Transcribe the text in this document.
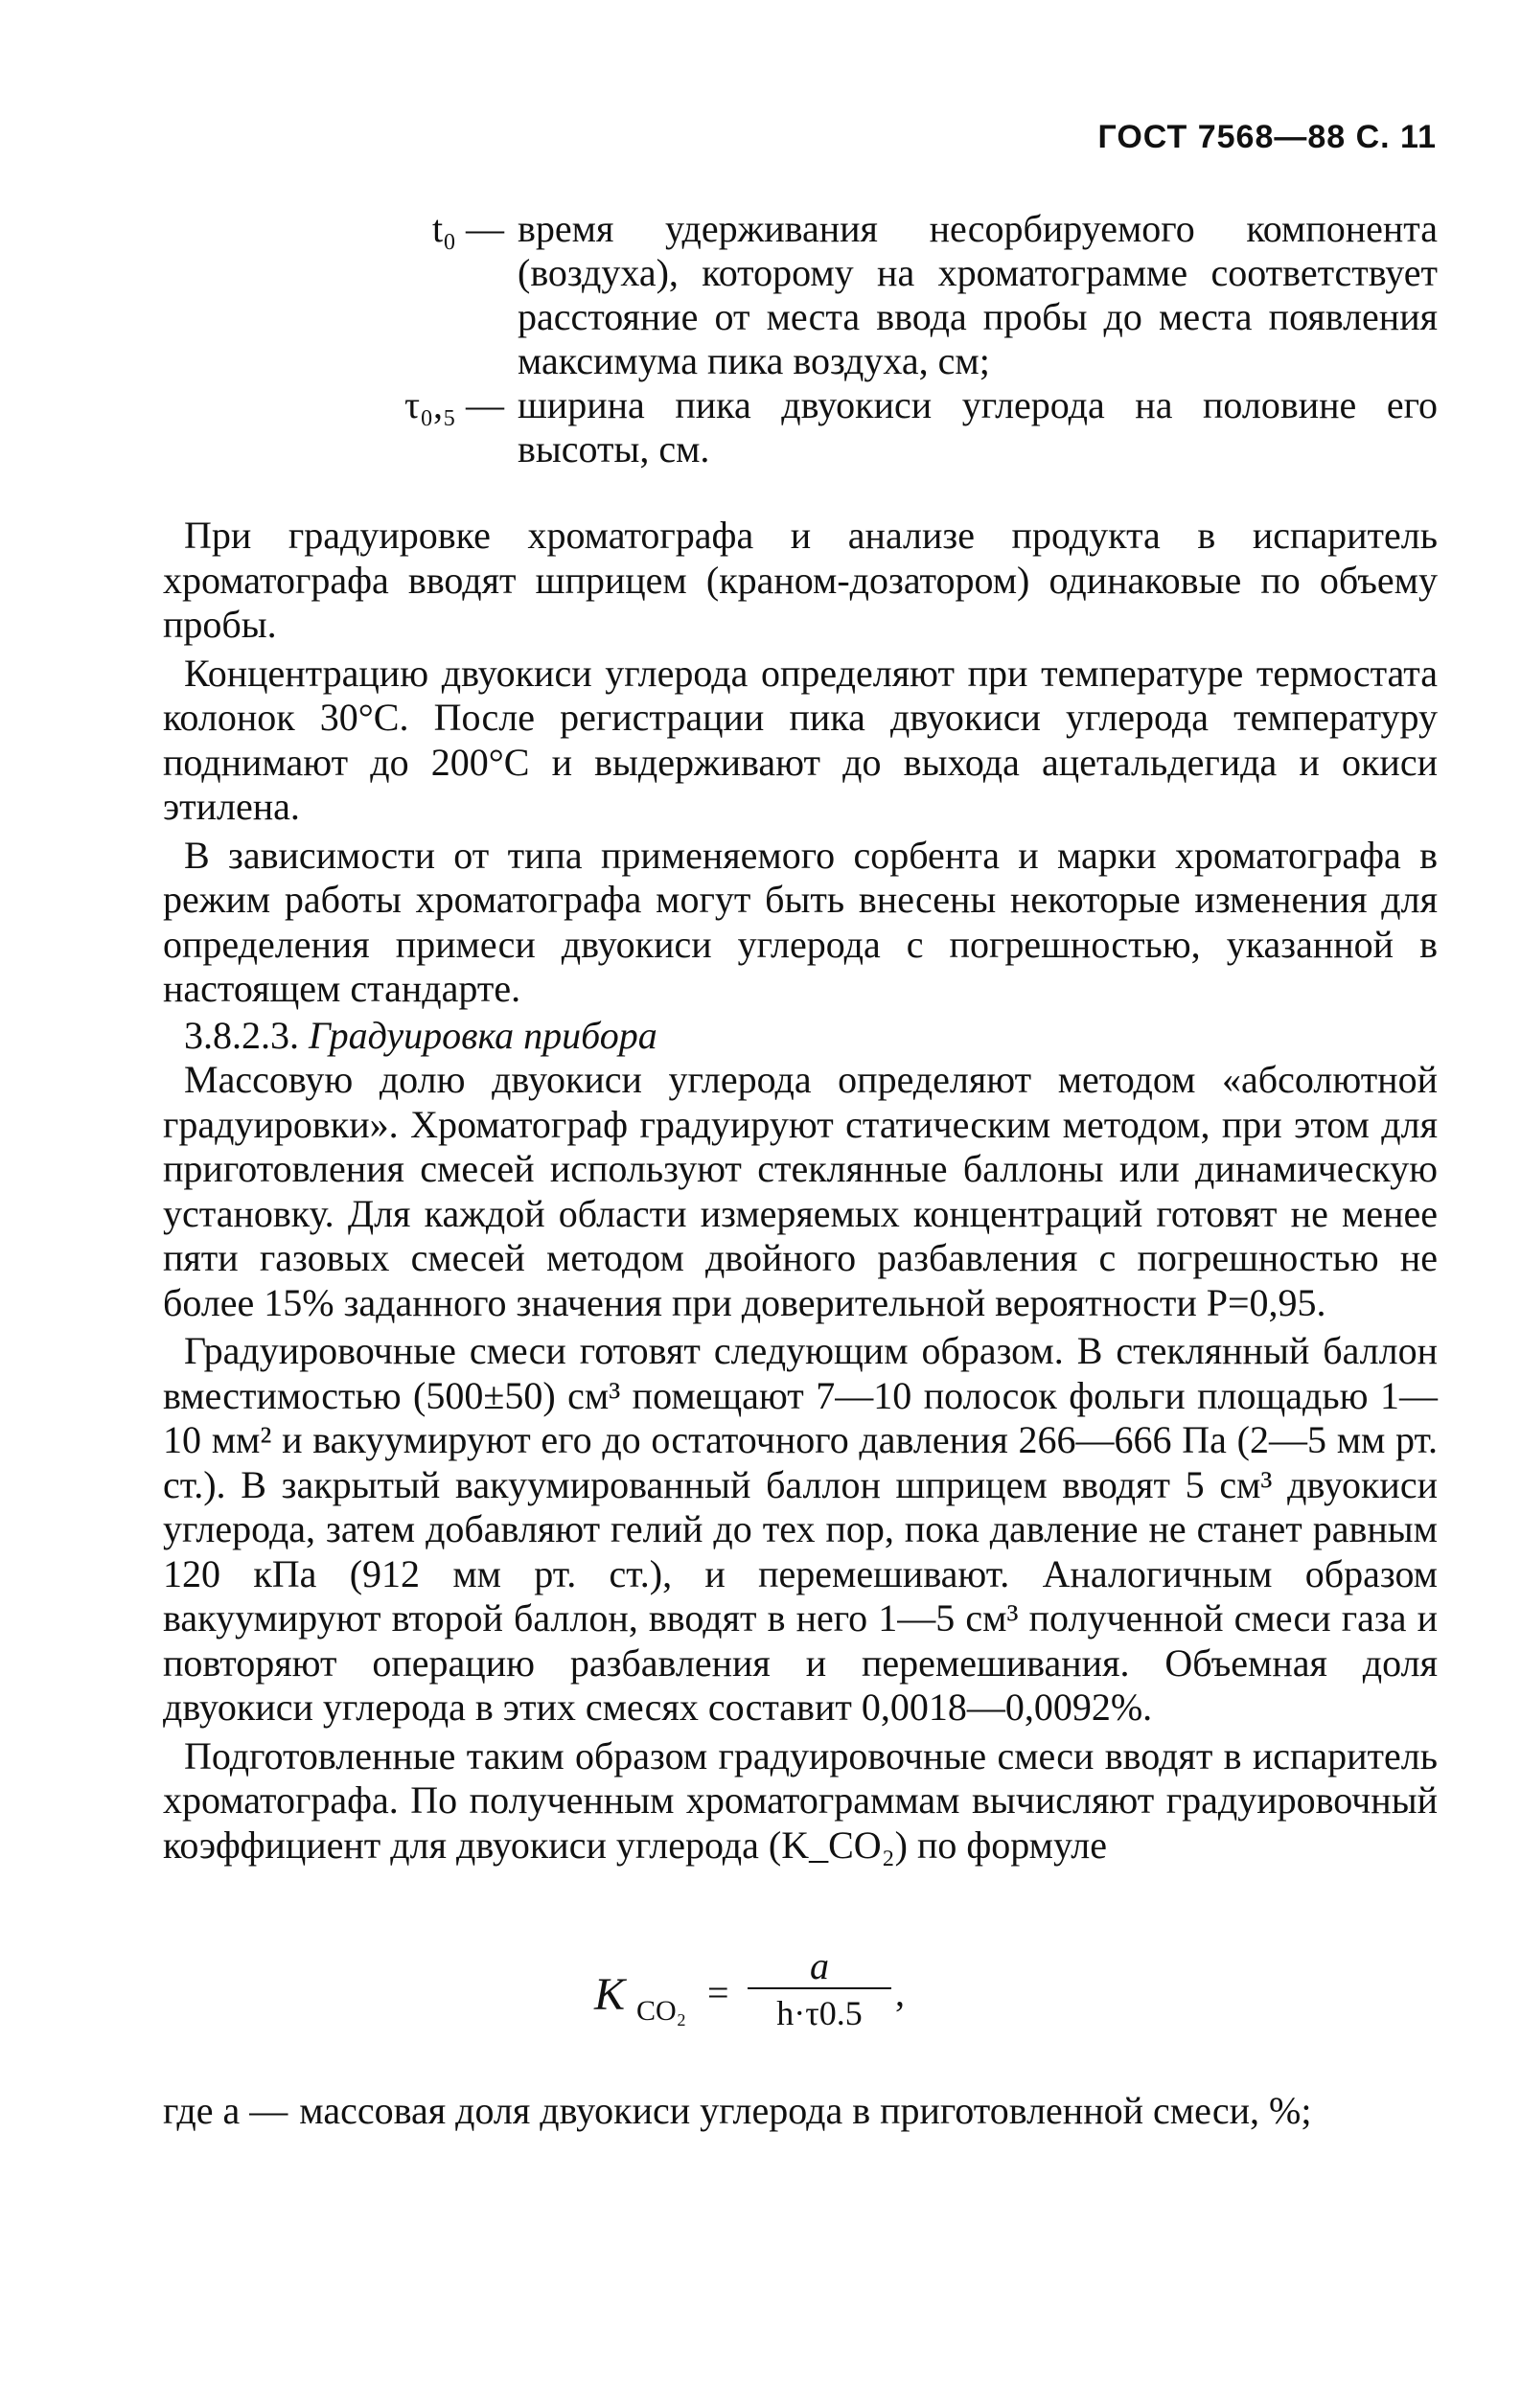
ГОСТ 7568—88 С. 11
t₀ — время удерживания несорбируемого компонента (воздуха), которому на хроматограмме соответствует расстояние от места ввода пробы до места появления максимума пика воздуха, см;
τ₀,₅ — ширина пика двуокиси углерода на половине его высоты, см.

При градуировке хроматографа и анализе продукта в испаритель хроматографа вводят шприцем (краном-дозатором) одинаковые по объему пробы.

Концентрацию двуокиси углерода определяют при температуре термостата колонок 30°С. После регистрации пика двуокиси углерода температуру поднимают до 200°С и выдерживают до выхода ацетальдегида и окиси этилена.

В зависимости от типа применяемого сорбента и марки хроматографа в режим работы хроматографа могут быть внесены некоторые изменения для определения примеси двуокиси углерода с погрешностью, указанной в настоящем стандарте.

3.8.2.3. Градуировка прибора

Массовую долю двуокиси углерода определяют методом «абсолютной градуировки». Хроматограф градуируют статическим методом, при этом для приготовления смесей используют стеклянные баллоны или динамическую установку. Для каждой области измеряемых концентраций готовят не менее пяти газовых смесей методом двойного разбавления с погрешностью не более 15% заданного значения при доверительной вероятности P=0,95.

Градуировочные смеси готовят следующим образом. В стеклянный баллон вместимостью (500±50) см³ помещают 7—10 полосок фольги площадью 1—10 мм² и вакуумируют его до остаточного давления 266—666 Па (2—5 мм рт. ст.). В закрытый вакуумированный баллон шприцем вводят 5 см³ двуокиси углерода, затем добавляют гелий до тех пор, пока давление не станет равным 120 кПа (912 мм рт. ст.), и перемешивают. Аналогичным образом вакуумируют второй баллон, вводят в него 1—5 см³ полученной смеси газа и повторяют операцию разбавления и перемешивания. Объемная доля двуокиси углерода в этих смесях составит 0,0018—0,0092%.

Подготовленные таким образом градуировочные смеси вводят в испаритель хроматографа. По полученным хроматограммам вычисляют градуировочный коэффициент для двуокиси углерода (K_CO₂) по формуле

K CO₂ =
a
h·τ0.5 ,
где a — массовая доля двуокиси углерода в приготовленной смеси, %;
